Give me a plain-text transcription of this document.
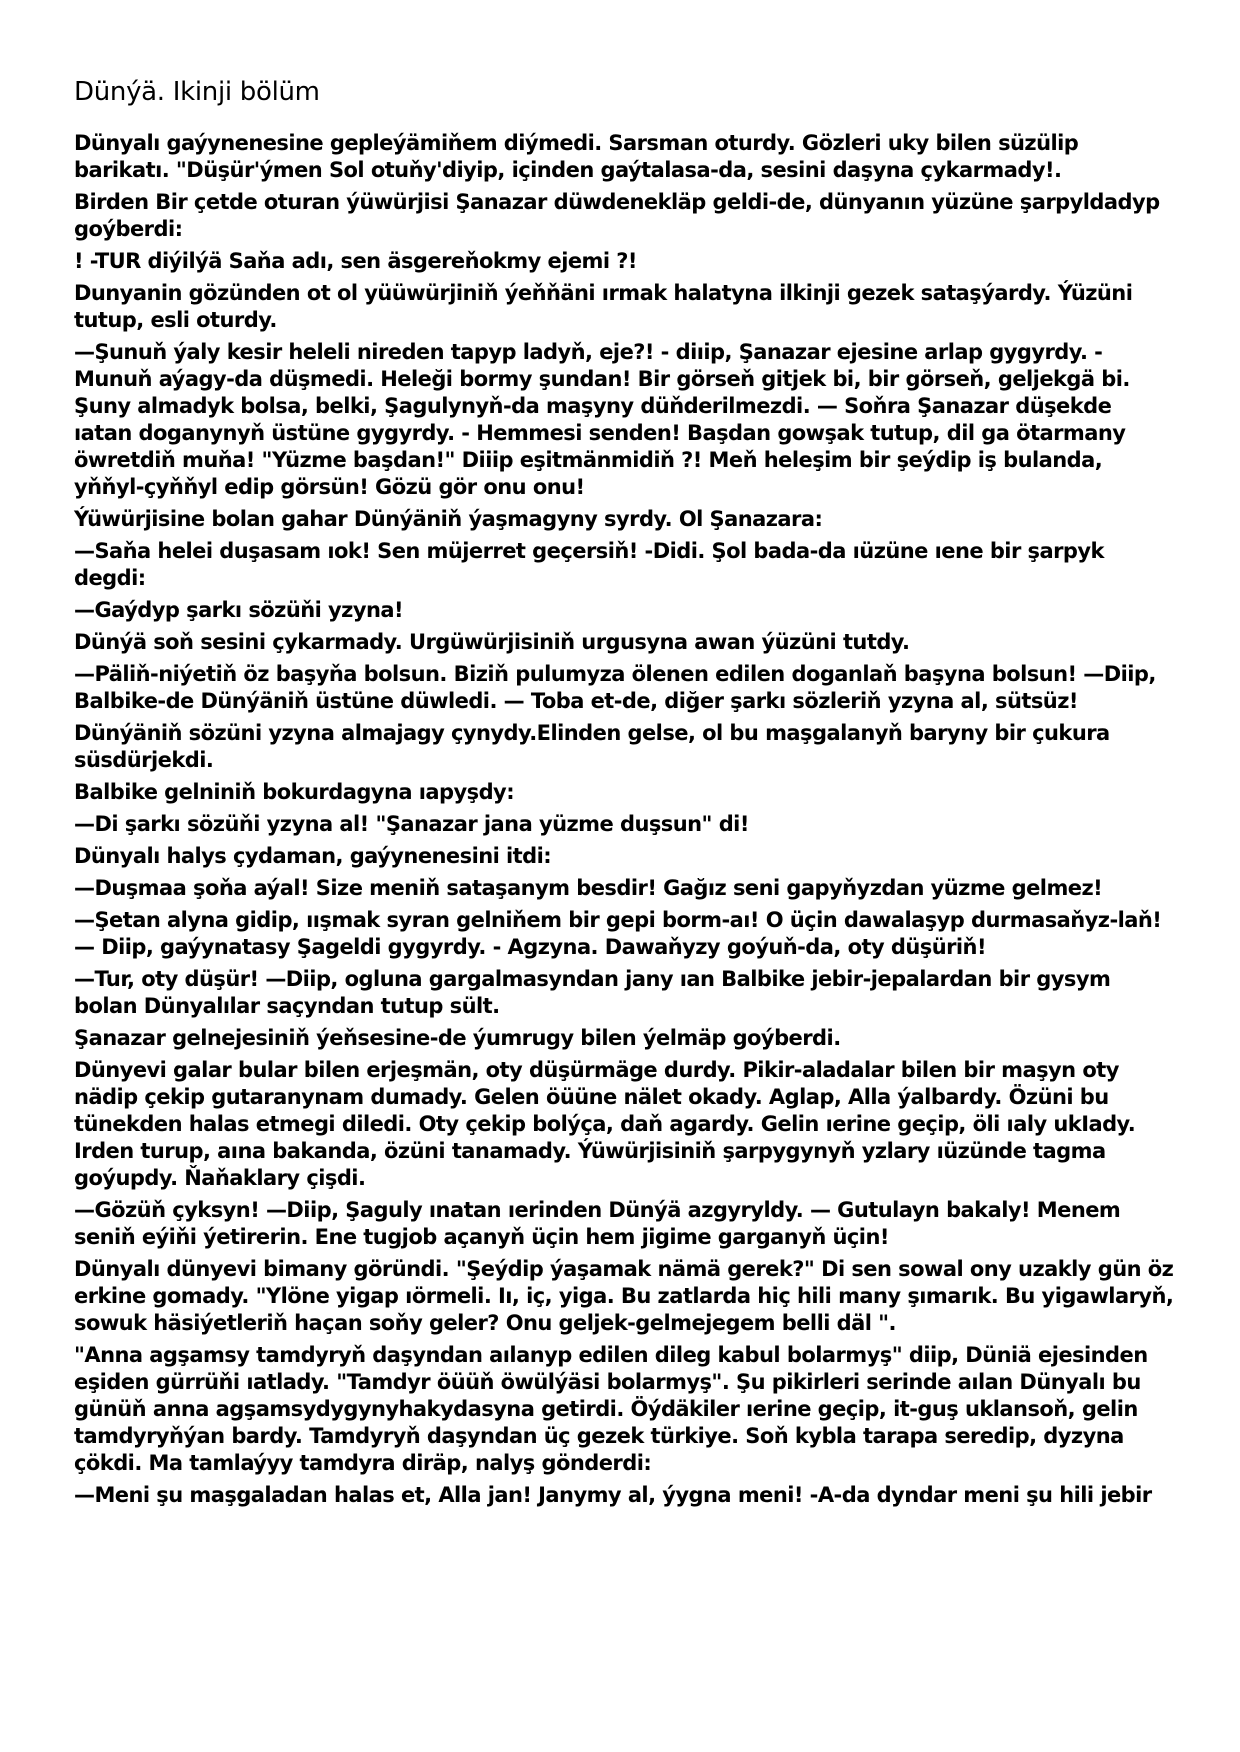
Dünýä. Ikinji bölüm

Dünyalı gaýynenesine gepleýämiňem diýmedi. Sarsman oturdy. Gözleri uky bilen süzülip barikatı. "Düşür'ýmen Sol otuňy'diyip, içinden gaýtalasa-da, sesini daşyna çykarmady!.

Birden Bir çetde oturan ýüwürjisi Şanazar düwdenekläp geldi-de, dünyanın yüzüne şarpyldadyp goýberdi:

! -TUR diýilýä Saňa adı, sen äsgereňokmy ejemi ?!

Dunyanin gözünden ot ol yüüwürjiniň ýeňňäni ırmak halatyna ilkinji gezek sataşýardy. Ýüzüni tutup, esli oturdy.

—Şunuň ýaly kesir heleli nireden tapyp ladyň, eje?! - diıip, Şanazar ejesine arlap gygyrdy. - Munuň aýagy-da düşmedi. Heleği bormy şundan! Bir görseň gitjek bi, bir görseň, geljekgä bi. Şuny almadyk bolsa, belki, Şagulynyň-da maşyny düňderilmezdi. — Soňra Şanazar düşekde ıatan doganynyň üstüne gygyrdy. - Hemmesi senden! Başdan gowşak tutup, dil ga ötarmany öwretdiň muňa! "Yüzme başdan!" Diiip eşitmänmidiň ?! Meň heleşim bir şeýdip iş bulanda, yňňyl-çyňňyl edip görsün! Gözü gör onu onu!

Ýüwürjisine bolan gahar Dünýäniň ýaşmagyny syrdy. Ol Şanazara:

—Saňa helei duşasam ıok! Sen müjerret geçersiň! -Didi. Şol bada-da ıüzüne ıene bir şarpyk degdi:

—Gaýdyp şarkı sözüňi yzyna!

Dünýä soň sesini çykarmady. Urgüwürjisiniň urgusyna awan ýüzüni tutdy.

—Päliň-niýetiň öz başyňa bolsun. Biziň pulumyza ölenen edilen doganlaň başyna bolsun! —Diip, Balbike-de Dünýäniň üstüne düwledi. — Toba et-de, diğer şarkı sözleriň yzyna al, sütsüz!

Dünýäniň sözüni yzyna almajagy çynydy.Elinden gelse, ol bu maşgalanyň baryny bir çukura süsdürjekdi.

Balbike gelniniň bokurdagyna ıapyşdy:

—Di şarkı sözüňi yzyna al! "Şanazar jana yüzme duşsun" di!

Dünyalı halys çydaman, gaýynenesini itdi:

—Duşmaa şoňa aýal! Size meniň sataşanym besdir! Gağız seni gapyňyzdan yüzme gelmez!

—Şetan alyna gidip, ıışmak syran gelniňem bir gepi borm-aı! O üçin dawalaşyp durmasaňyz-laň! — Diip, gaýynatasy Şageldi gygyrdy. - Agzyna. Dawaňyzy goýuň-da, oty düşüriň!

—Tur, oty düşür! —Diip, ogluna gargalmasyndan jany ıan Balbike jebir-jepalardan bir gysym bolan Dünyalılar saçyndan tutup sült.

Şanazar gelnejesiniň ýeňsesine-de ýumrugy bilen ýelmäp goýberdi.

Dünyevi galar bular bilen erjeşmän, oty düşürmäge durdy. Pikir-aladalar bilen bir maşyn oty nädip çekip gutaranynam dumady. Gelen öüüne nälet okady. Aglap, Alla ýalbardy. Özüni bu tünekden halas etmegi diledi. Oty çekip bolýça, daň agardy. Gelin ıerine geçip, öli ıaly ukIady. Irden turup, aına bakanda, özüni tanamady. Ýüwürjisiniň şarpygynyň yzlary ıüzünde tagma goýupdy. Ňaňaklary çişdi.

—Gözüň çyksyn! —Diip, Şaguly ınatan ıerinden Dünýä azgyryldy. — Gutulayn bakaly! Menem seniň eýiňi ýetirerin. Ene tugjob açanyň üçin hem jigime garganyň üçin!

Dünyalı dünyevi bimany göründi. "Şeýdip ýaşamak nämä gerek?" Di sen sowal ony uzakly gün öz erkine gomady. "Ylöne yigap ıörmeli. Iı, iç, yiga. Bu zatlarda hiç hili many şımarık. Bu yigawlaryň, sowuk häsiýetleriň haçan soňy geler? Onu geljek-gelmejegem belli däl ".

"Anna agşamsy tamdyryň daşyndan aılanyp edilen dileg kabul bolarmyş" diip, Düniä ejesinden eşiden gürrüňi ıatlady. "Tamdyr öüüň öwülýäsi bolarmyş". Şu pikirleri serinde aılan Dünyalı bu günüň anna agşamsydygynyhakydasyna getirdi. Öýdäkiler ıerine geçip, it-guş uklansoň, gelin tamdyryňýan bardy. Tamdyryň daşyndan üç gezek türkiye. Soň kybla tarapa seredip, dyzyna çökdi. Ma tamlaýyy tamdyra diräp, nalyş gönderdi:

—Meni şu maşgaladan halas et, Alla jan! Janymy al, ýygna meni! -A-da dyndar meni şu hili jebir
